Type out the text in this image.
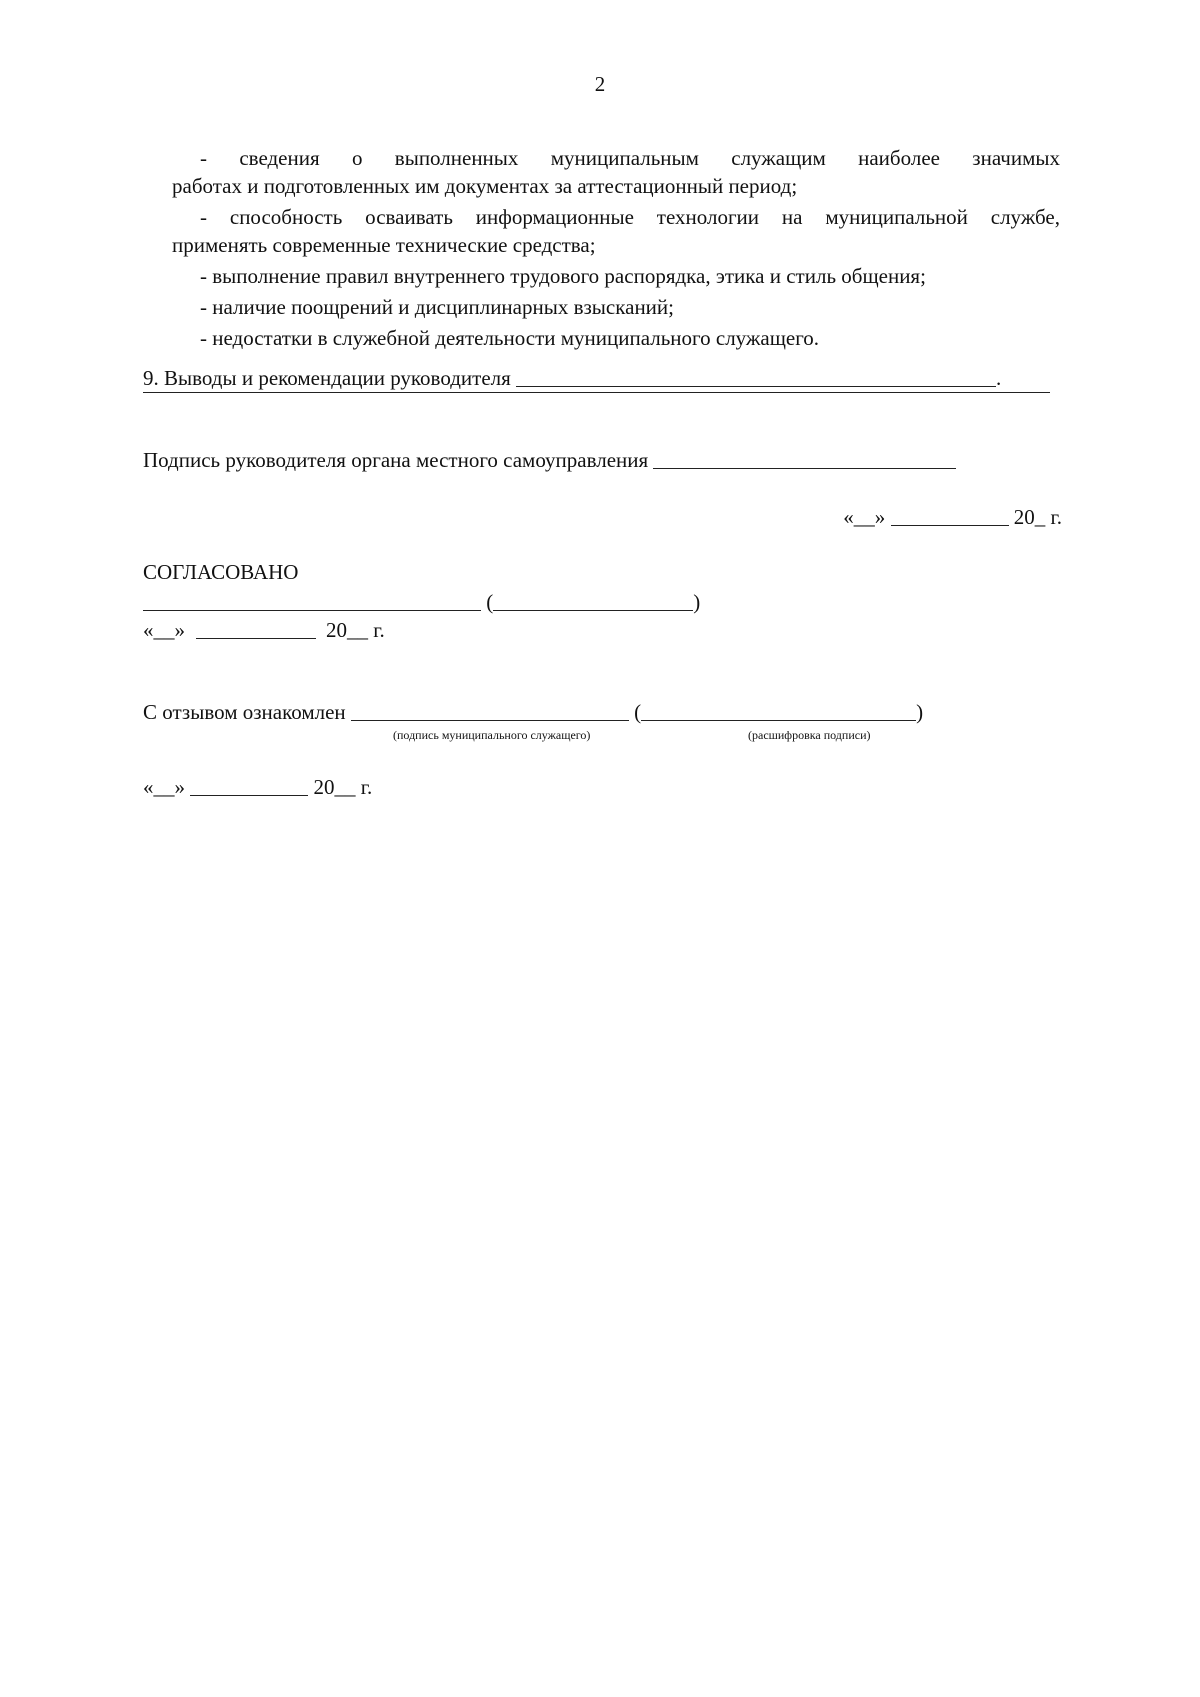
2
- сведения о выполненных муниципальным служащим наиболее значимых
работах и подготовленных им документах за аттестационный период;
- способность осваивать информационные технологии на муниципальной службе,
применять современные технические средства;
- выполнение правил внутреннего трудового распорядка, этика и стиль общения;
- наличие поощрений и дисциплинарных взысканий;
- недостатки в служебной деятельности муниципального служащего.
9. Выводы и рекомендации руководителя	.
Подпись руководителя органа местного самоуправления
«__»	20_ г.
СОГЛАСОВАНО
(	)
«__»	20__ г.
С отзывом ознакомлен	(	)
(подпись муниципального служащего)	(расшифровка подписи)
«__»	20__ г.
